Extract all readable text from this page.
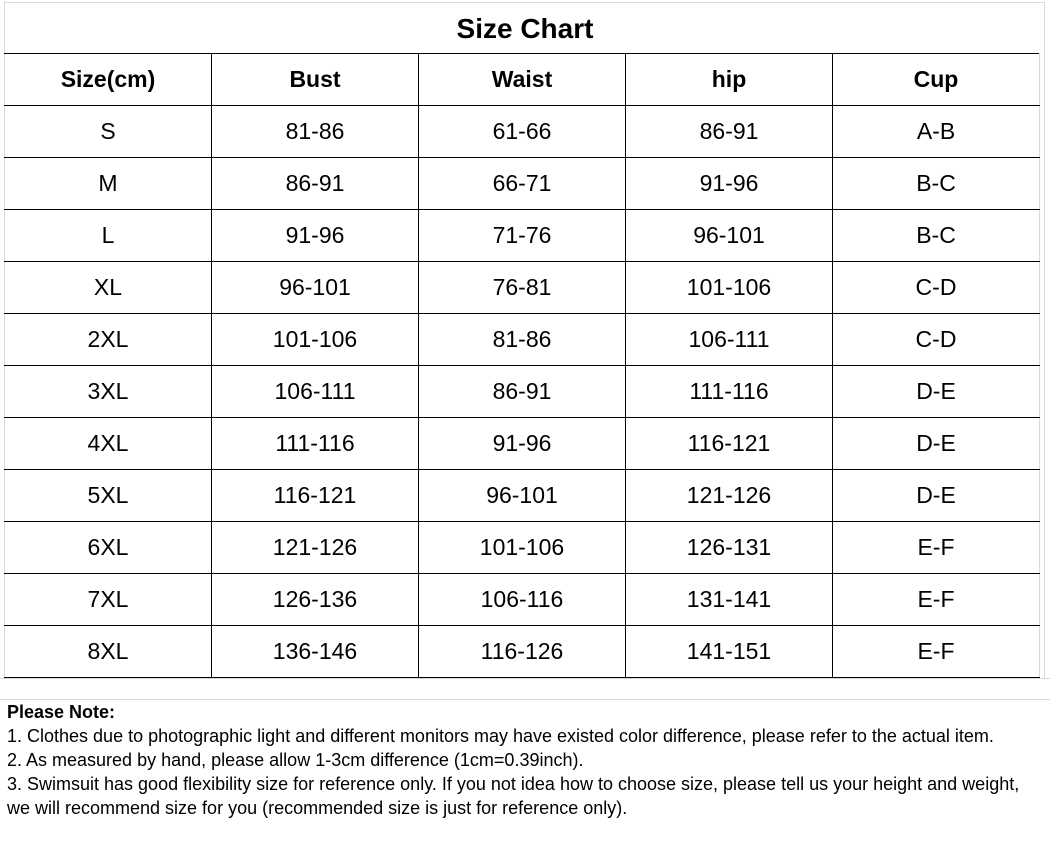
Size Chart
Size(cm)	Bust	Waist	hip	Cup
S	81-86	61-66	86-91	A-B
M	86-91	66-71	91-96	B-C
L	91-96	71-76	96-101	B-C
XL	96-101	76-81	101-106	C-D
2XL	101-106	81-86	106-111	C-D
3XL	106-111	86-91	111-116	D-E
4XL	111-116	91-96	116-121	D-E
5XL	116-121	96-101	121-126	D-E
6XL	121-126	101-106	126-131	E-F
7XL	126-136	106-116	131-141	E-F
8XL	136-146	116-126	141-151	E-F

Please Note:

1. Clothes due to photographic light and different monitors may have existed color difference, please refer to the actual item.

2. As measured by hand, please allow 1-3cm difference (1cm=0.39inch).

3. Swimsuit has good flexibility size for reference only. If you not idea how to choose size, please tell us your height and weight, we will recommend size for you (recommended size is just for reference only).
